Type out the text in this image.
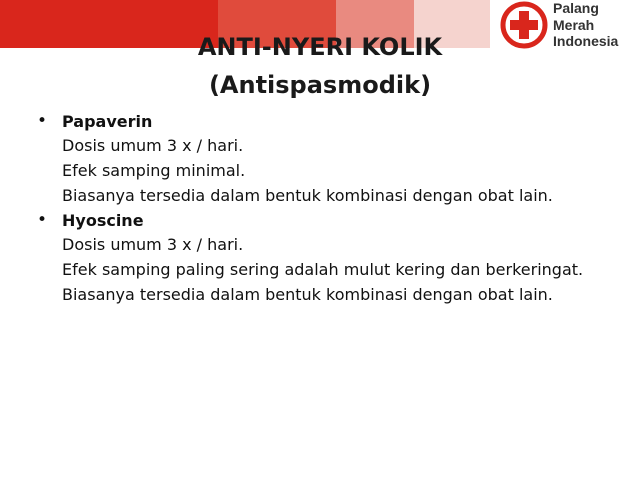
Palang
Merah
Indonesia
ANTI-NYERI KOLIK
(Antispasmodik)
• Papaverin
Dosis umum 3 x / hari.
Efek samping minimal.
Biasanya tersedia dalam bentuk kombinasi dengan obat lain.
• Hyoscine
Dosis umum 3 x / hari.
Efek samping paling sering adalah mulut kering dan berkeringat.
Biasanya tersedia dalam bentuk kombinasi dengan obat lain.
